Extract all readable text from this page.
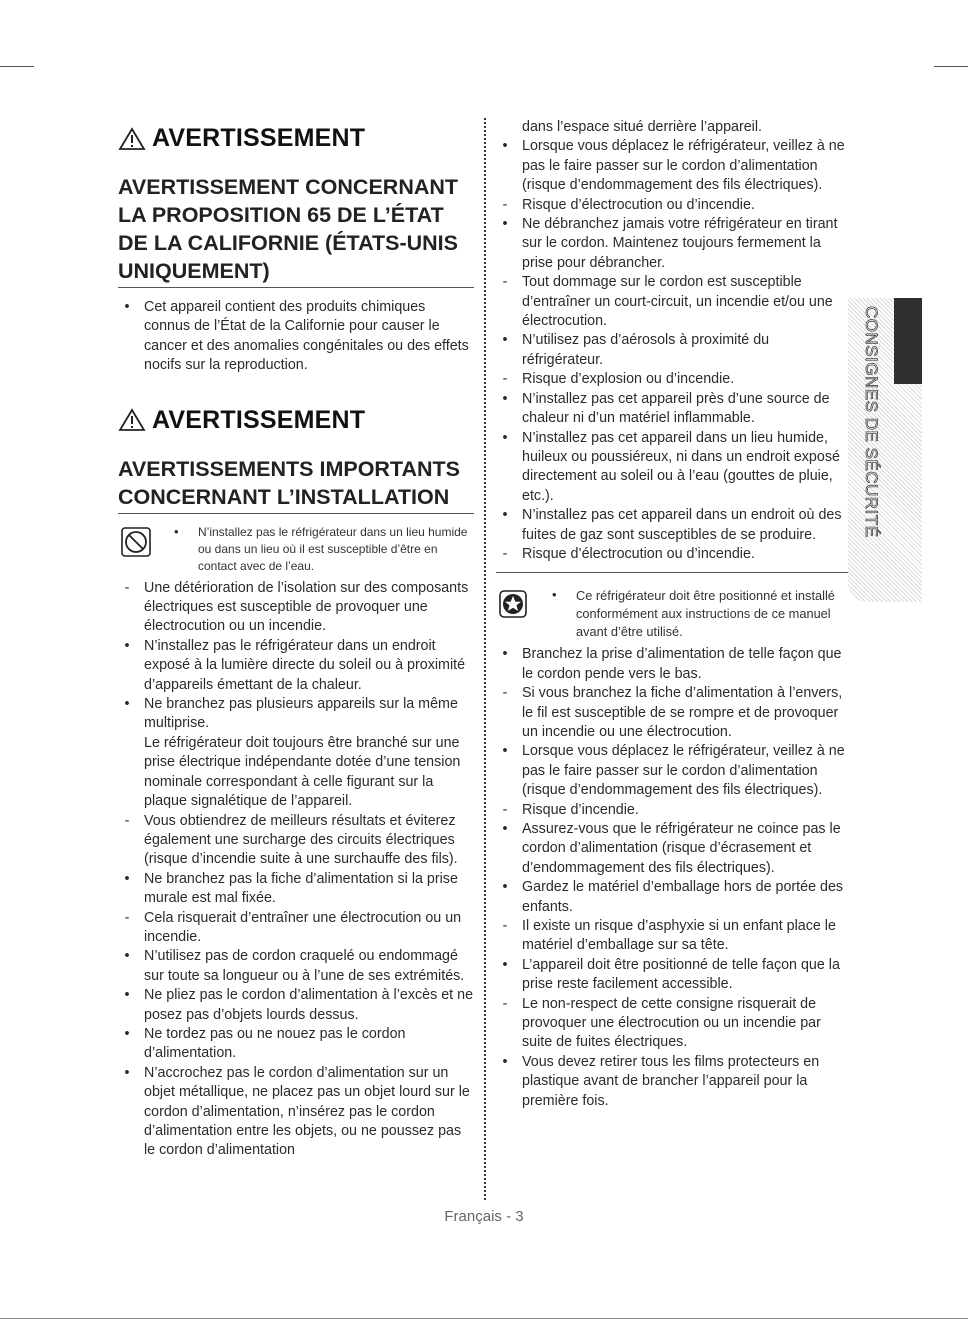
AVERTISSEMENT
AVERTISSEMENT CONCERNANT LA PROPOSITION 65 DE L’ÉTAT DE LA CALIFORNIE (ÉTATS-UNIS UNIQUEMENT)
•	Cet appareil contient des produits chimiques connus de l’État de la Californie pour causer le cancer et des anomalies congénitales ou des effets nocifs sur la reproduction.
AVERTISSEMENT
AVERTISSEMENTS IMPORTANTS CONCERNANT L’INSTALLATION
• N’installez pas le réfrigérateur dans un lieu humide ou dans un lieu où il est susceptible d’être en contact avec de l’eau.
-	Une détérioration de l’isolation sur des composants électriques est susceptible de provoquer une électrocution ou un incendie.
•	N’installez pas le réfrigérateur dans un endroit exposé à la lumière directe du soleil ou à proximité d’appareils émettant de la chaleur.
•	Ne branchez pas plusieurs appareils sur la même multiprise.
Le réfrigérateur doit toujours être branché sur une prise électrique indépendante dotée d’une tension nominale correspondant à celle figurant sur la plaque signalétique de l’appareil.
-	Vous obtiendrez de meilleurs résultats et éviterez également une surcharge des circuits électriques (risque d’incendie suite à une surchauffe des fils).
•	Ne branchez pas la fiche d’alimentation si la prise murale est mal fixée.
-	Cela risquerait d’entraîner une électrocution ou un incendie.
•	N’utilisez pas de cordon craquelé ou endommagé sur toute sa longueur ou à l’une de ses extrémités.
•	Ne pliez pas le cordon d’alimentation à l’excès et ne posez pas d’objets lourds dessus.
•	Ne tordez pas ou ne nouez pas le cordon d’alimentation.
•	N’accrochez pas le cordon d’alimentation sur un objet métallique, ne placez pas un objet lourd sur le cordon d’alimentation, n’insérez pas le cordon d’alimentation entre les objets, ou ne poussez pas le cordon d’alimentation
dans l’espace situé derrière l’appareil.
•	Lorsque vous déplacez le réfrigérateur, veillez à ne pas le faire passer sur le cordon d’alimentation (risque d’endommagement des fils électriques).
-	Risque d’électrocution ou d’incendie.
•	Ne débranchez jamais votre réfrigérateur en tirant sur le cordon. Maintenez toujours fermement la prise pour débrancher.
-	Tout dommage sur le cordon est susceptible d’entraîner un court-circuit, un incendie et/ou une électrocution.
•	N’utilisez pas d’aérosols à proximité du réfrigérateur.
-	Risque d’explosion ou d’incendie.
•	N’installez pas cet appareil près d’une source de chaleur ni d’un matériel inflammable.
•	N’installez pas cet appareil dans un lieu humide, huileux ou poussiéreux, ni dans un endroit exposé directement au soleil ou à l’eau (gouttes de pluie, etc.).
•	N’installez pas cet appareil dans un endroit où des fuites de gaz sont susceptibles de se produire.
-	Risque d’électrocution ou d’incendie.
• Ce réfrigérateur doit être positionné et installé conformément aux instructions de ce manuel avant d’être utilisé.
•	Branchez la prise d’alimentation de telle façon que le cordon pende vers le bas.
-	Si vous branchez la fiche d’alimentation à l’envers, le fil est susceptible de se rompre et de provoquer un incendie ou une électrocution.
•	Lorsque vous déplacez le réfrigérateur, veillez à ne pas le faire passer sur le cordon d’alimentation (risque d’endommagement des fils électriques).
-	Risque d’incendie.
•	Assurez-vous que le réfrigérateur ne coince pas le cordon d’alimentation (risque d’écrasement et d’endommagement des fils électriques).
•	Gardez le matériel d’emballage hors de portée des enfants.
-	Il existe un risque d’asphyxie si un enfant place le matériel d’emballage sur sa tête.
•	L’appareil doit être positionné de telle façon que la prise reste facilement accessible.
-	Le non-respect de cette consigne risquerait de provoquer une électrocution ou un incendie par suite de fuites électriques.
•	Vous devez retirer tous les films protecteurs en plastique avant de brancher l’appareil pour la première fois.
CONSIGNES DE SÉCURITÉ
Français - 3
